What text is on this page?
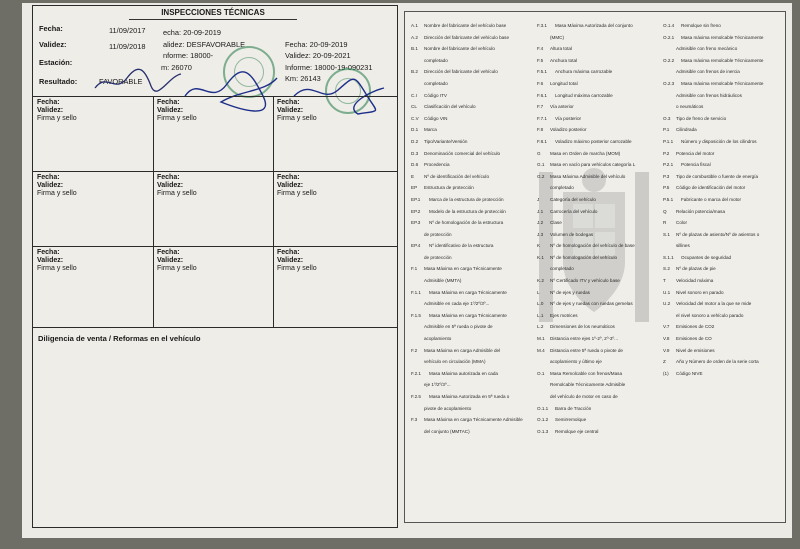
INSPECCIONES TÉCNICAS
Fecha:	11/09/2017
Validez:	11/09/2018
Estación:
Resultado:	FAVORABLE
echa: 20-09-2019
alidez: DESFAVORABLE
nforme: 18000-
m: 26070
Fecha: 20-09-2019
Validez: 20-09-2021
Informe: 18000-19-090231
Km: 26143
Fecha:
Validez:
Firma y sello
Fecha:
Validez:
Firma y sello
Fecha:
Validez:
Firma y sello
Fecha:
Validez:
Firma y sello
Fecha:
Validez:
Firma y sello
Fecha:
Validez:
Firma y sello
Fecha:
Validez:
Firma y sello
Fecha:
Validez:
Firma y sello
Fecha:
Validez:
Firma y sello
Diligencia de venta / Reformas en el vehículo
A.1	Nombre del fabricante del vehículo base
A.2	Dirección del fabricante del vehículo base
B.1	Nombre del fabricante del vehículo
completado
B.2	Dirección del fabricante del vehículo
completado
C.I	Código ITV
CL	Clasificación del vehículo
C.V	Código VIN
D.1	Marca
D.2	Tipo/Variante/Versión
D.3	Denominación comercial del vehículo
D.6	Procedencia
E	Nº de identificación del vehículo
EP	Estructura de protección
EP.1	Marca de la estructura de protección
EP.2	Modelo de la estructura de protección
EP.3	Nº de homologación de la estructura
de protección
EP.4	Nº identificativo de la estructura
de protección
F.1	Masa Máxima en carga Técnicamente
Admisible (MMTA)
F.1.1	Masa Máxima en carga Técnicamente
Admisible en cada eje 1º/2º/3º...
F.1.5	Masa Máxima en carga Técnicamente
Admisible en 5ª rueda o pivote de
acoplamiento
F.2	Masa Máxima en carga Admisible del
vehículo en circulación (MMA)
F.2.1	Masa Máxima autorizada en cada
eje 1º/2º/3º...
F.2.5	Masa Máxima Autorizada en 5ª rueda o
pivote de acoplamiento
F.3	Masa Máxima en carga Técnicamente Admisible
del conjunto (MMTAC)
F.3.1	Masa Máxima Autorizada del conjunto
(MMC)
F.4	Altura total
F.5	Anchura total
F.5.1	Anchura máxima carrozable
F.6	Longitud total
F.6.1	Longitud máxima carrozable
F.7	Vía anterior
F.7.1	Vía posterior
F.8	Voladizo posterior
F.8.1	Voladizo máximo posterior carrozable
G	Masa en Orden de marcha (MOM)
G.1	Masa en vacío para vehículos categoría L
G.2	Masa Máxima Admisible del vehículo
completado
J	Categoría del vehículo
J.1	Carrocería del vehículo
J.2	Clase
J.3	Volumen de bodegas
K	Nº de homologación del vehículo de base
K.1	Nº de homologación del vehículo
completado
K.2	Nº Certificado ITV y vehículo base
L	Nº de ejes y ruedas
L.0	Nº de ejes y ruedas con ruedas gemelas
L.1	Ejes motrices
L.2	Dimensiones de los neumáticos
M.1	Distancia entre ejes 1º-2º, 2º-3º...
M.4	Distancia entre 5ª rueda o pivote de
acoplamiento y último eje
O.1	Masa Remolcable con frenos/Masa
Remolcable Técnicamente Admisible
del vehículo de motor en caso de
O.1.1	Barra de Tracción
O.1.2	Semirremolque
O.1.3	Remolque eje central
O.1.4	Remolque sin freno
O.2.1	Masa máxima remolcable Técnicamente
Admisible con freno mecánico
O.2.2	Masa máxima remolcable Técnicamente
Admisible con frenos de inercia
O.2.3	Masa máxima remolcable Técnicamente
Admisible con frenos hidráulicos
o neumáticos
O.3	Tipo de freno de servicio
P.1	Cilindrada
P.1.1	Número y disposición de los cilindros
P.2	Potencia del motor
P.2.1	Potencia fiscal
P.3	Tipo de combustible o fuente de energía
P.5	Código de identificación del motor
P.5.1	Fabricante o marca del motor
Q	Relación potencia/masa
R	Color
S.1	Nº de plazas de asiento/Nº de asientos o
sillines
S.1.1	Ocupantes de seguridad
S.2	Nº de plazas de pie
T	Velocidad máxima
U.1	Nivel sonoro en parado
U.2	Velocidad del motor a la que se mide
el nivel sonoro a vehículo parado
V.7	Emisiones de CO2
V.8	Emisiones de CO
V.9	Nivel de emisiones
Z	Año y Número de orden de la serie corta
(1)	Código NIVE
